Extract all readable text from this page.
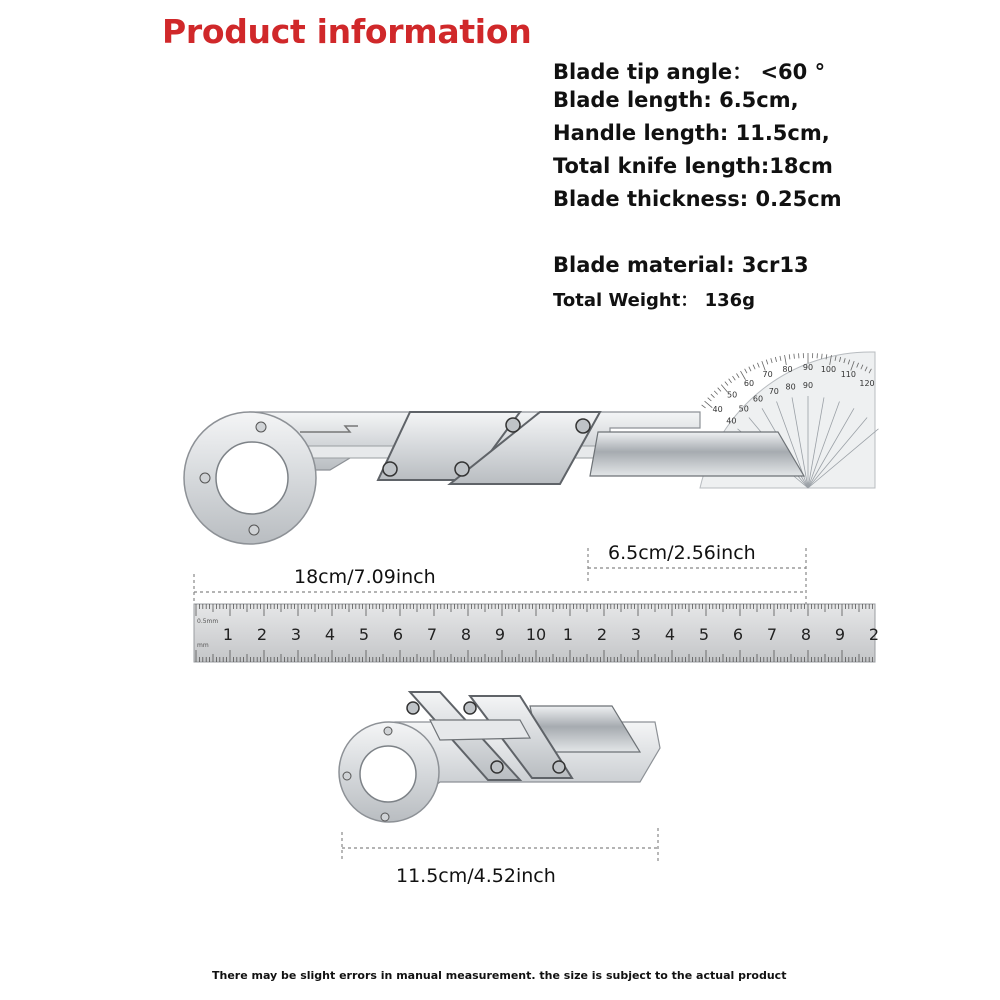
Product information
Blade tip angle： <60 °
Blade length: 6.5cm,
Handle length: 11.5cm,
Total knife length:18cm
Blade thickness: 0.25cm
Blade material: 3cr13
Total Weight： 136g
40
50
60
70
80 90 100
110
120
40
50
60
70
80 90
1 2 3 4 5 6 7 8 9 10 1 2 3 4 5 6 7 8 9 2
0.5mm
mm
6.5cm/2.56inch
18cm/7.09inch
11.5cm/4.52inch
There may be slight errors in manual measurement. the size is subject to the actual product
